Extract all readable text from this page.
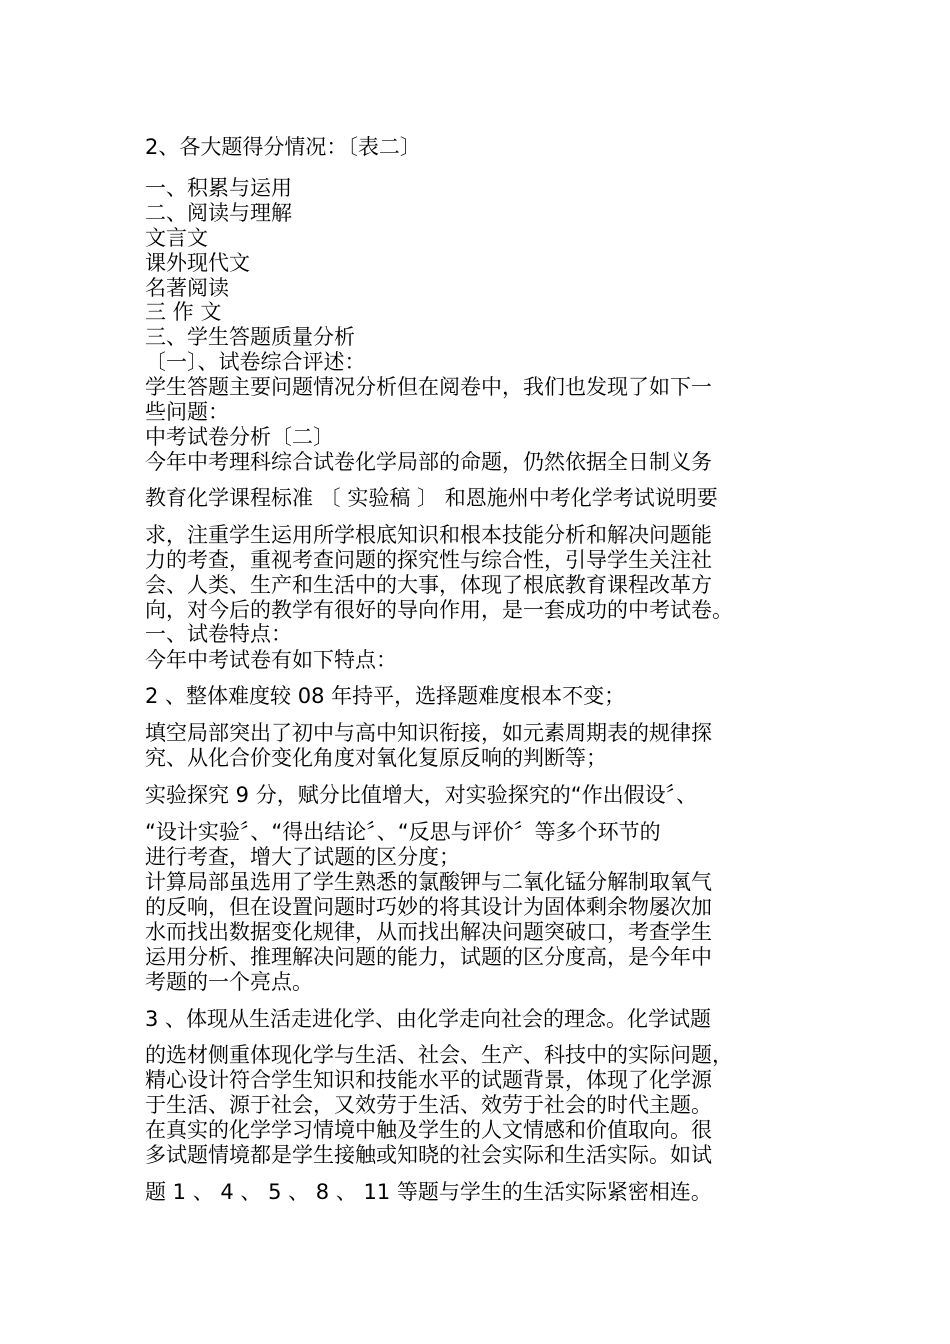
2、各大题得分情况：〔表二〕
一、积累与运用
二、阅读与理解
文言文
课外现代文
名著阅读
三 作 文
三、学生答题质量分析
〔一〕、试卷综合评述：
学生答题主要问题情况分析但在阅卷中，我们也发现了如下一
些问题：
中考试卷分析〔二〕
今年中考理科综合试卷化学局部的命题，仍然依据全日制义务
教育化学课程标准 〔 实验稿 〕 和恩施州中考化学考试说明要
求，注重学生运用所学根底知识和根本技能分析和解决问题能
力的考查，重视考查问题的探究性与综合性，引导学生关注社
会、人类、生产和生活中的大事，体现了根底教育课程改革方
向，对今后的教学有很好的导向作用，是一套成功的中考试卷。
一、试卷特点：
今年中考试卷有如下特点：
2 、整体难度较 08 年持平，选择题难度根本不变；
填空局部突出了初中与高中知识衔接，如元素周期表的规律探
究、从化合价变化角度对氧化复原反响的判断等；
实验探究 9 分，赋分比值增大，对实验探究的“作出假设〞、
“设计实验〞、“得出结论〞、“反思与评价〞等多个环节的
进行考查，增大了试题的区分度；
计算局部虽选用了学生熟悉的氯酸钾与二氧化锰分解制取氧气
的反响，但在设置问题时巧妙的将其设计为固体剩余物屡次加
水而找出数据变化规律，从而找出解决问题突破口，考查学生
运用分析、推理解决问题的能力，试题的区分度高，是今年中
考题的一个亮点。
3 、体现从生活走进化学、由化学走向社会的理念。化学试题
的选材侧重体现化学与生活、社会、生产、科技中的实际问题，
精心设计符合学生知识和技能水平的试题背景，体现了化学源
于生活、源于社会，又效劳于生活、效劳于社会的时代主题。
在真实的化学学习情境中触及学生的人文情感和价值取向。很
多试题情境都是学生接触或知晓的社会实际和生活实际。如试
题 1 、 4 、 5 、 8 、 11 等题与学生的生活实际紧密相连。
